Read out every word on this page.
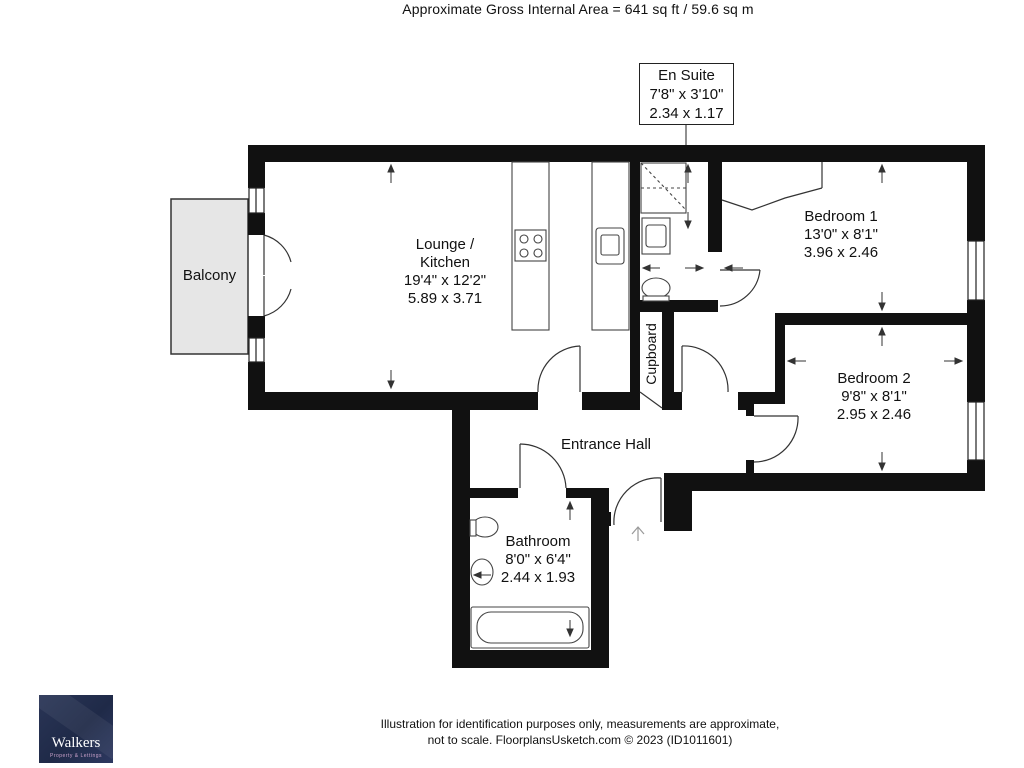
Approximate Gross Internal Area = 641 sq ft / 59.6 sq m
Lounge /
Kitchen
19'4" x 12'2"
5.89 x 3.71
Bedroom 1
13'0" x 8'1"
3.96 x 2.46
Bedroom 2
9'8" x 8'1"
2.95 x 2.46
Bathroom
8'0" x 6'4"
2.44 x 1.93
Balcony
Entrance Hall
Cupboard
En Suite
7'8" x 3'10"
2.34 x 1.17
Illustration for identification purposes only, measurements are approximate,
not to scale. FloorplansUsketch.com © 2023 (ID1011601)
Walkers
Property & Lettings
